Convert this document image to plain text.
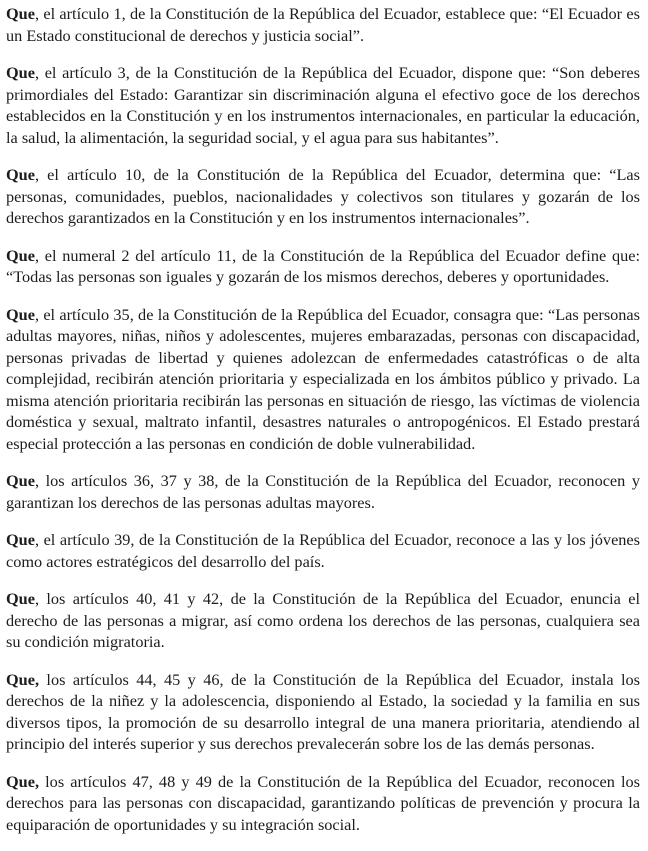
Que, el artículo 1, de la Constitución de la República del Ecuador, establece que: “El Ecuador es un Estado constitucional de derechos y justicia social”.

Que, el artículo 3, de la Constitución de la República del Ecuador, dispone que: “Son deberes primordiales del Estado: Garantizar sin discriminación alguna el efectivo goce de los derechos establecidos en la Constitución y en los instrumentos internacionales, en particular la educación, la salud, la alimentación, la seguridad social, y el agua para sus habitantes”.

Que, el artículo 10, de la Constitución de la República del Ecuador, determina que: “Las personas, comunidades, pueblos, nacionalidades y colectivos son titulares y gozarán de los derechos garantizados en la Constitución y en los instrumentos internacionales”.

Que, el numeral 2 del artículo 11, de la Constitución de la República del Ecuador define que: “Todas las personas son iguales y gozarán de los mismos derechos, deberes y oportunidades.

Que, el artículo 35, de la Constitución de la República del Ecuador, consagra que: “Las personas adultas mayores, niñas, niños y adolescentes, mujeres embarazadas, personas con discapacidad, personas privadas de libertad y quienes adolezcan de enfermedades catastróficas o de alta complejidad, recibirán atención prioritaria y especializada en los ámbitos público y privado. La misma atención prioritaria recibirán las personas en situación de riesgo, las víctimas de violencia doméstica y sexual, maltrato infantil, desastres naturales o antropogénicos. El Estado prestará especial protección a las personas en condición de doble vulnerabilidad.

Que, los artículos 36, 37 y 38, de la Constitución de la República del Ecuador, reconocen y garantizan los derechos de las personas adultas mayores.

Que, el artículo 39, de la Constitución de la República del Ecuador, reconoce a las y los jóvenes como actores estratégicos del desarrollo del país.

Que, los artículos 40, 41 y 42, de la Constitución de la República del Ecuador, enuncia el derecho de las personas a migrar, así como ordena los derechos de las personas, cualquiera sea su condición migratoria.

Que, los artículos 44, 45 y 46, de la Constitución de la República del Ecuador, instala los derechos de la niñez y la adolescencia, disponiendo al Estado, la sociedad y la familia en sus diversos tipos, la promoción de su desarrollo integral de una manera prioritaria, atendiendo al principio del interés superior y sus derechos prevalecerán sobre los de las demás personas.

Que, los artículos 47, 48 y 49 de la Constitución de la República del Ecuador, reconocen los derechos para las personas con discapacidad, garantizando políticas de prevención y procura la equiparación de oportunidades y su integración social.
